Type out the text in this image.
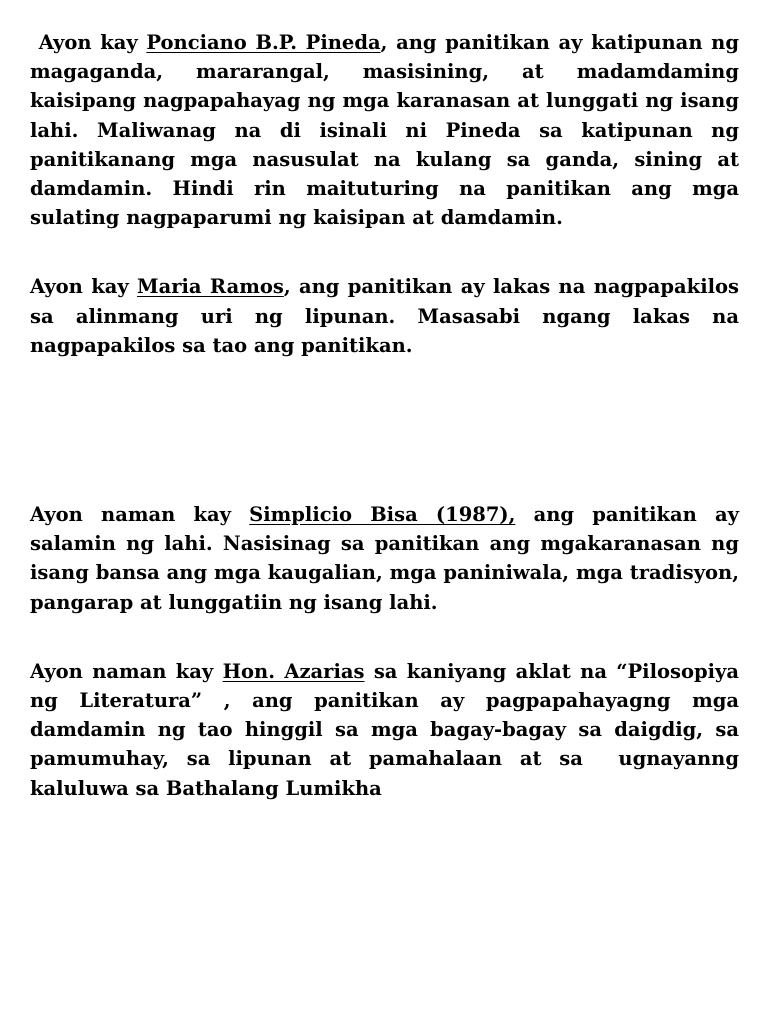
Ayon kay Ponciano B.P. Pineda, ang panitikan ay katipunan ng magaganda, mararangal, masisining, at madamdaming kaisipang nagpapahayag ng mga karanasan at lunggati ng isang lahi. Maliwanag na di isinali ni Pineda sa katipunan ng panitikanang mga nasusulat na kulang sa ganda, sining at damdamin. Hindi rin maituturing na panitikan ang mga sulating nagpaparumi ng kaisipan at damdamin.

Ayon kay Maria Ramos, ang panitikan ay lakas na nagpapakilos sa alinmang uri ng lipunan. Masasabi ngang lakas na nagpapakilos sa tao ang panitikan.

Ayon naman kay Simplicio Bisa (1987), ang panitikan ay salamin ng lahi. Nasisinag sa panitikan ang mgakaranasan ng isang bansa ang mga kaugalian, mga paniniwala, mga tradisyon, pangarap at lunggatiin ng isang lahi.

Ayon naman kay Hon. Azarias sa kaniyang aklat na “Pilosopiya ng Literatura” , ang panitikan ay pagpapahayagng mga damdamin ng tao hinggil sa mga bagay-bagay sa daigdig, sa pamumuhay, sa lipunan at pamahalaan at sa  ugnayanng kaluluwa sa Bathalang Lumikha
